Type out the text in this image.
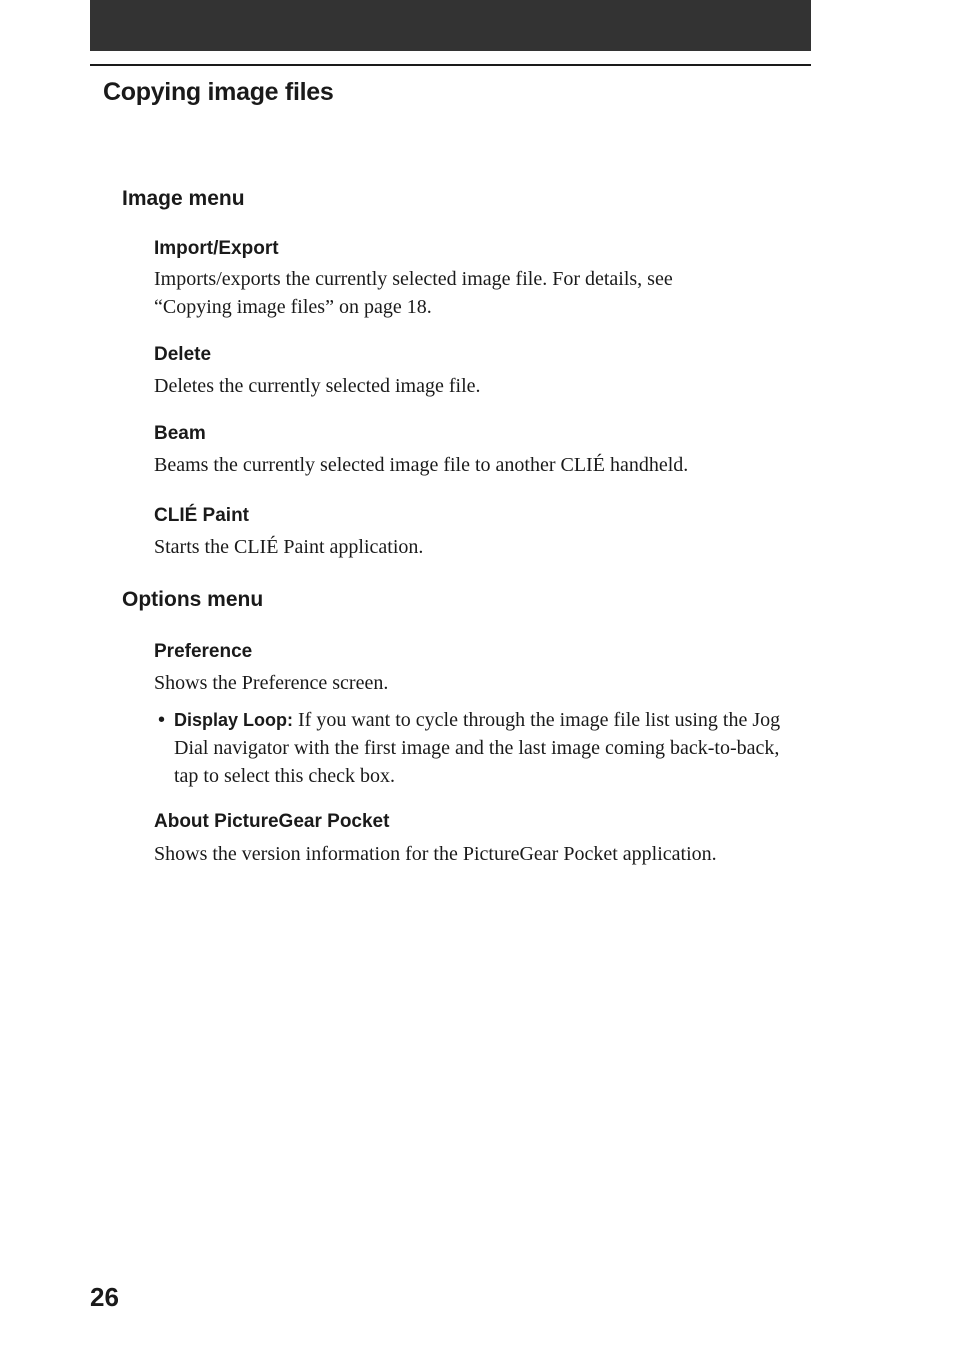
Copying image files
Image menu
Import/Export

Imports/exports the currently selected image file. For details, see “Copying image files” on page 18.

Delete

Deletes the currently selected image file.

Beam

Beams the currently selected image file to another CLIÉ handheld.

CLIÉ Paint

Starts the CLIÉ Paint application.

Options menu
Preference

Shows the Preference screen.

• Display Loop: If you want to cycle through the image file list using the Jog Dial navigator with the first image and the last image coming back-to-back, tap to select this check box.
About PictureGear Pocket

Shows the version information for the PictureGear Pocket application.

26
